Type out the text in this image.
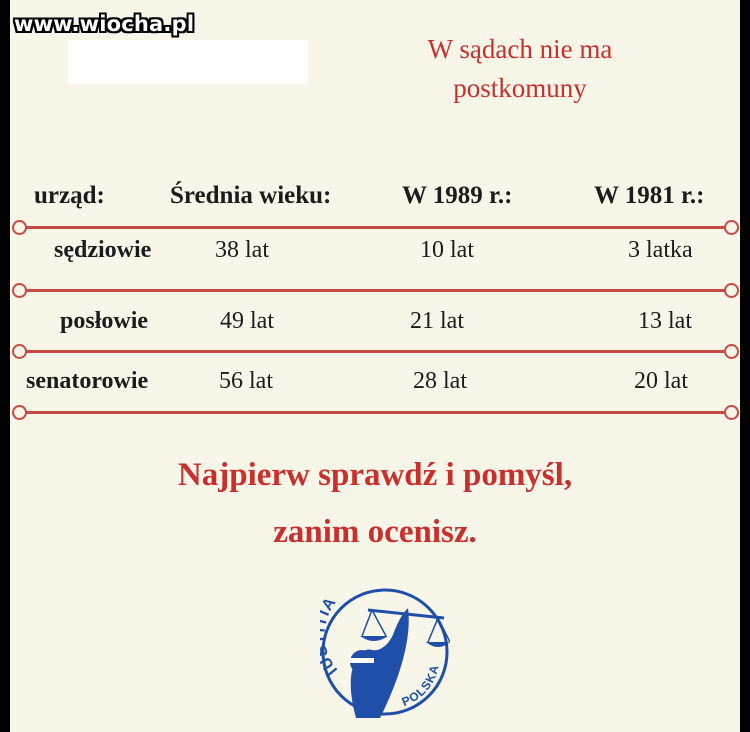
www.wiocha.pl
W sądach nie ma
postkomuny
urząd:	Średnia wieku:	W 1989 r.:	W 1981 r.:
sędziowie	38 lat	10 lat	3 latka
posłowie	49 lat	21 lat	13 lat
senatorowie	56 lat	28 lat	20 lat
Najpierw sprawdź i pomyśl,
zanim ocenisz.
I A
POLSKA
